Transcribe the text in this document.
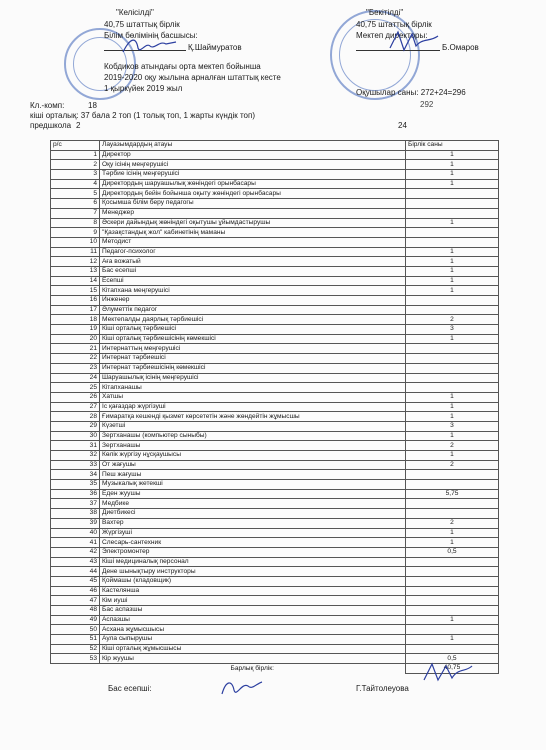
"Келісілді"
40,75 штаттық бірлік
Білім бөлімінің басшысы:
Қ.Шаймуратов
"Бекітілді"
40,75 штаттық бірлік
Мектеп директоры:
Б.Омаров
Кобдиков атындағы орта мектеп бойынша
2019-2020 оқу жылына арналған штаттық кесте
1 қыркүйек 2019 жыл	Оқушылар саны: 272+24=296
292
Кл.-комп:	18
кіші орталық: 37 бала 2 топ (1 толық топ, 1 жарты күндік топ)
предшкола 2	24
р/с	Лауазымдардың атауы	Бірлік саны
1	Директор	1
2	Оқу ісінің меңгерушісі	1
3	Тәрбие ісінің меңгерушісі	1
4	Директордың шаруашылық жөніндегі орынбасары	1
5	Директордың бейін бойынша оқыту жөніндегі орынбасары	
6	Қосымша білім беру педагогы	
7	Менеджер	
8	Әскери дайындық жөніндегі оқытушы ұйымдастырушы	1
9	"Қазақстандық жол" кабинетінің маманы	
10	Методист	
11	Педагог-психолог	1
12	Аға вожатый	1
13	Бас есепші	1
14	Есепші	1
15	Кітапхана меңгерушісі	1
16	Инженер	
17	Әлуметтік педагог	
18	Мектепалды даярлық тәрбиешісі	2
19	Кіші орталық тәрбиешісі	3
20	Кіші орталық тәрбиешісінің көмекшісі	1
21	Интернаттың меңгерушісі	
22	Интернат тәрбиешісі	
23	Интернат тәрбиешісінің көмекшісі	
24	Шаруашылық ісінің меңгерушісі	
25	Кітапханашы	
26	Хатшы	1
27	Іс қағаздар жүргізуші	1
28	Ғимаратқа кешенді қызмет көрсететін және жөндейтін жұмысшы	1
29	Күзетші	3
30	Зертханашы (компьютер сыныбы)	1
31	Зертханашы	2
32	Көлік жүргізу нұсқаушысы	1
33	От жағушы	2
34	Пеш жағушы	
35	Музыкалық жетекші	
36	Еден жуушы	5,75
37	Медбике	
38	Диетбикесі	
39	Вахтер	2
40	Жүргізуші	1
41	Слесарь-сантехник	1
42	Электромонтер	0,5
43	Кіші медициналық персонал	
44	Дене шынықтыру инструкторы	
45	Қоймашы (кладовщик)	
46	Кастелянша	
47	Кім иуші	
48	Бас аспазшы	
49	Аспазшы	1
50	Асхана жұмысшысы	
51	Аула сыпырушы	1
52	Кіші орталық жұмысшысы	
53	Кір жуушы	0,5
	Барлық бірлік:	40,75
Бас есепші:	Г.Тайтолеуова
